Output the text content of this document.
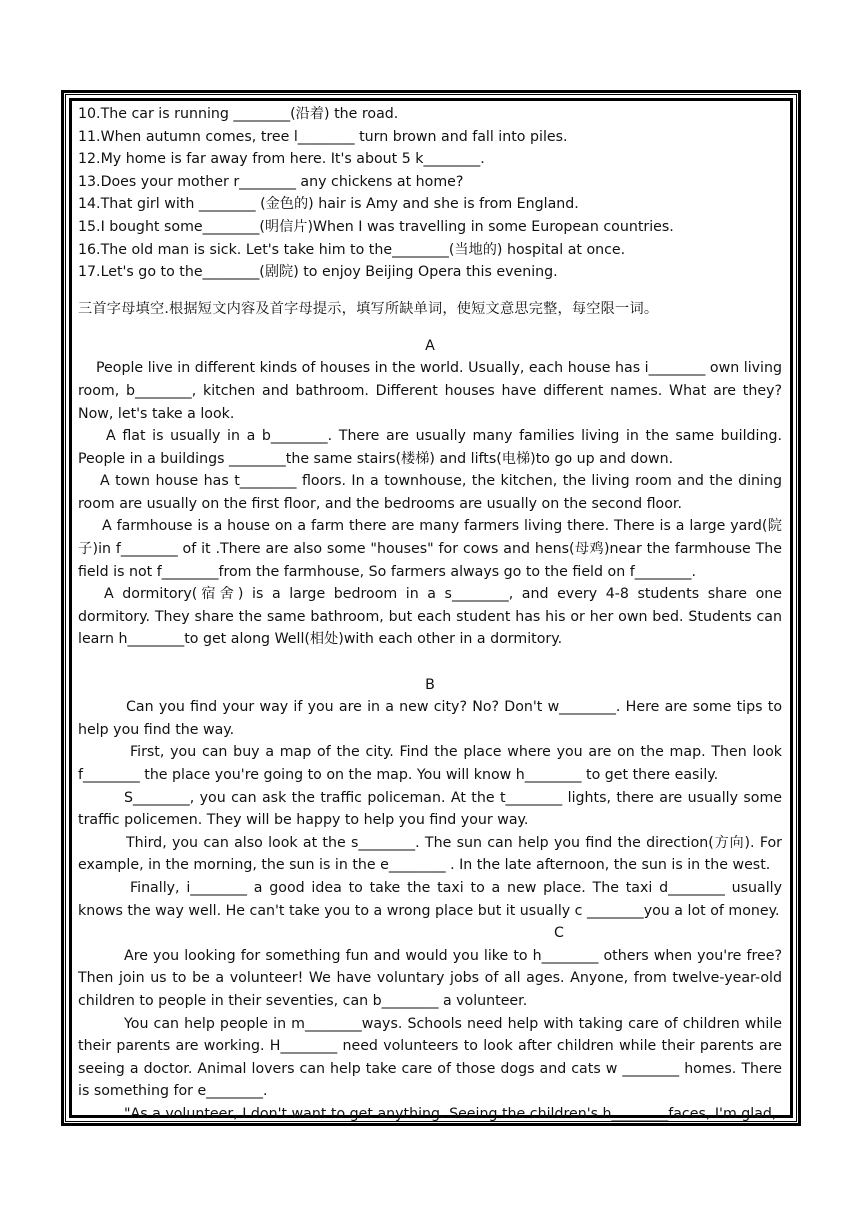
10.The car is running ________(沿着) the road.

11.When autumn comes, tree l________ turn brown and fall into piles.

12.My home is far away from here. It's about 5 k________.

13.Does your mother r________ any chickens at home?

14.That girl with ________ (金色的) hair is Amy and she is from England.

15.I bought some________(明信片)When I was travelling in some European countries.

16.The old man is sick. Let's take him to the________(当地的) hospital at once.

17.Let's go to the________(剧院) to enjoy Beijing Opera this evening.

三首字母填空.根据短文内容及首字母提示，填写所缺单词，使短文意思完整，每空限一词。

A

People live in different kinds of houses in the world. Usually, each house has i________ own living room, b________, kitchen and bathroom. Different houses have different names. What are they? Now, let's take a look.

A flat is usually in a b________. There are usually many families living in the same building. People in a buildings ________the same stairs(楼梯) and lifts(电梯)to go up and down.

A town house has t________ floors. In a townhouse, the kitchen, the living room and the dining room are usually on the first floor, and the bedrooms are usually on the second floor.

A farmhouse is a house on a farm there are many farmers living there. There is a large yard(院子)in f________ of it .There are also some "houses" for cows and hens(母鸡)near the farmhouse The field is not f________from the farmhouse, So farmers always go to the field on f________.

A dormitory(宿舍) is a large bedroom in a s________, and every 4-8 students share one dormitory. They share the same bathroom, but each student has his or her own bed. Students can learn h________to get along Well(相处)with each other in a dormitory.

B

Can you find your way if you are in a new city? No? Don't w________. Here are some tips to help you find the way.

First, you can buy a map of the city. Find the place where you are on the map. Then look f________ the place you're going to on the map. You will know h________ to get there easily.

S________, you can ask the traffic policeman. At the t________ lights, there are usually some traffic policemen. They will be happy to help you find your way.

Third, you can also look at the s________. The sun can help you find the direction(方向). For example, in the morning, the sun is in the e________ . In the late afternoon, the sun is in the west.

Finally, i________ a good idea to take the taxi to a new place. The taxi d________ usually knows the way well. He can't take you to a wrong place but it usually c ________you a lot of money.

C

Are you looking for something fun and would you like to h________ others when you're free? Then join us to be a volunteer! We have voluntary jobs of all ages. Anyone, from twelve-year-old children to people in their seventies, can b________ a volunteer.

You can help people in m________ways. Schools need help with taking care of children while their parents are working. H________ need volunteers to look after children while their parents are seeing a doctor. Animal lovers can help take care of those dogs and cats w ________ homes. There is something for e________.

"As a volunteer, I don't want to get anything. Seeing the children's h________faces, I'm glad,
